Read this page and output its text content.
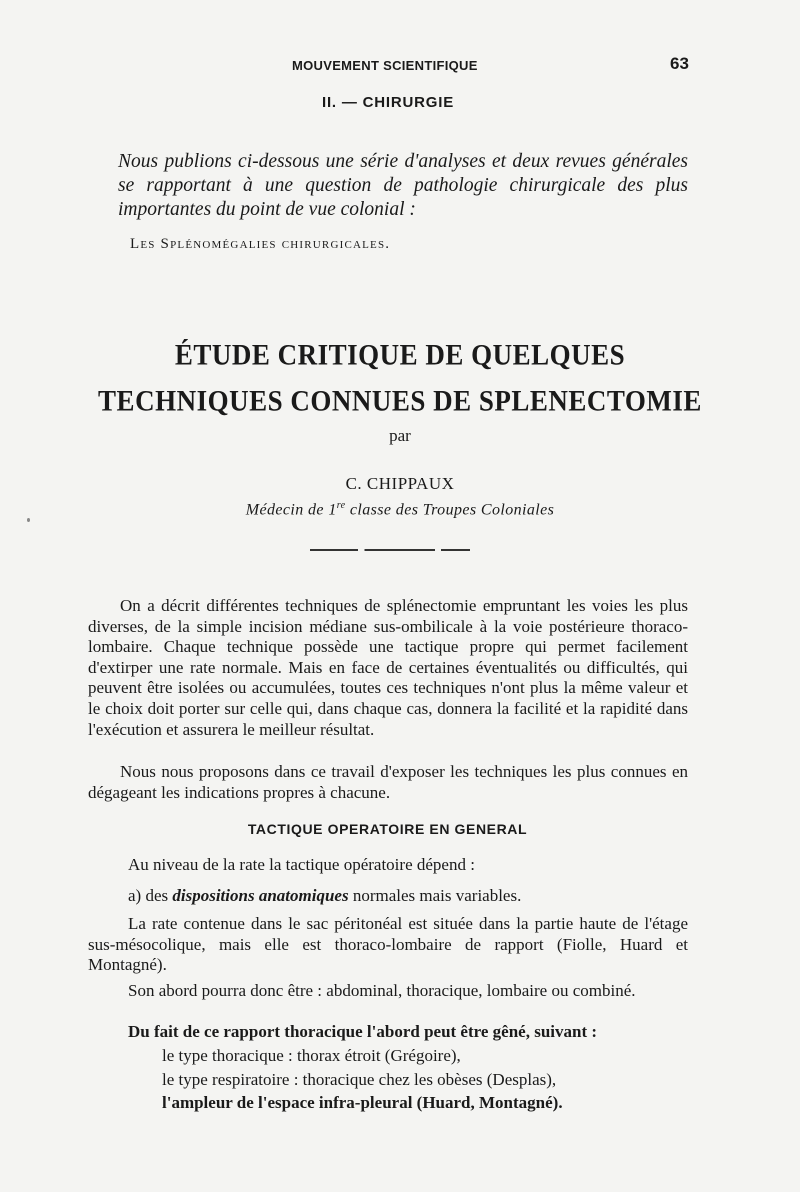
MOUVEMENT SCIENTIFIQUE	63
II. — CHIRURGIE
Nous publions ci-dessous une série d'analyses et deux revues générales se rapportant à une question de pathologie chirurgicale des plus importantes du point de vue colonial :
Les Splénomégalies chirurgicales.
ÉTUDE CRITIQUE DE QUELQUES
TECHNIQUES CONNUES DE SPLENECTOMIE
par
C. CHIPPAUX
Médecin de 1re classe des Troupes Coloniales
On a décrit différentes techniques de splénectomie empruntant les voies les plus diverses, de la simple incision médiane sus-ombilicale à la voie postérieure thoraco-lombaire. Chaque technique possède une tactique propre qui permet facilement d'extirper une rate normale. Mais en face de certaines éventualités ou difficultés, qui peuvent être isolées ou accumulées, toutes ces techniques n'ont plus la même valeur et le choix doit porter sur celle qui, dans chaque cas, donnera la facilité et la rapidité dans l'exécution et assurera le meilleur résultat.
Nous nous proposons dans ce travail d'exposer les techniques les plus connues en dégageant les indications propres à chacune.
TACTIQUE OPERATOIRE EN GENERAL
Au niveau de la rate la tactique opératoire dépend :
a) des dispositions anatomiques normales mais variables.
La rate contenue dans le sac péritonéal est située dans la partie haute de l'étage sus-mésocolique, mais elle est thoraco-lombaire de rapport (Fiolle, Huard et Montagné).
Son abord pourra donc être : abdominal, thoracique, lombaire ou combiné.
Du fait de ce rapport thoracique l'abord peut être gêné, suivant :
le type thoracique : thorax étroit (Grégoire),
le type respiratoire : thoracique chez les obèses (Desplas),
l'ampleur de l'espace infra-pleural (Huard, Montagné).
